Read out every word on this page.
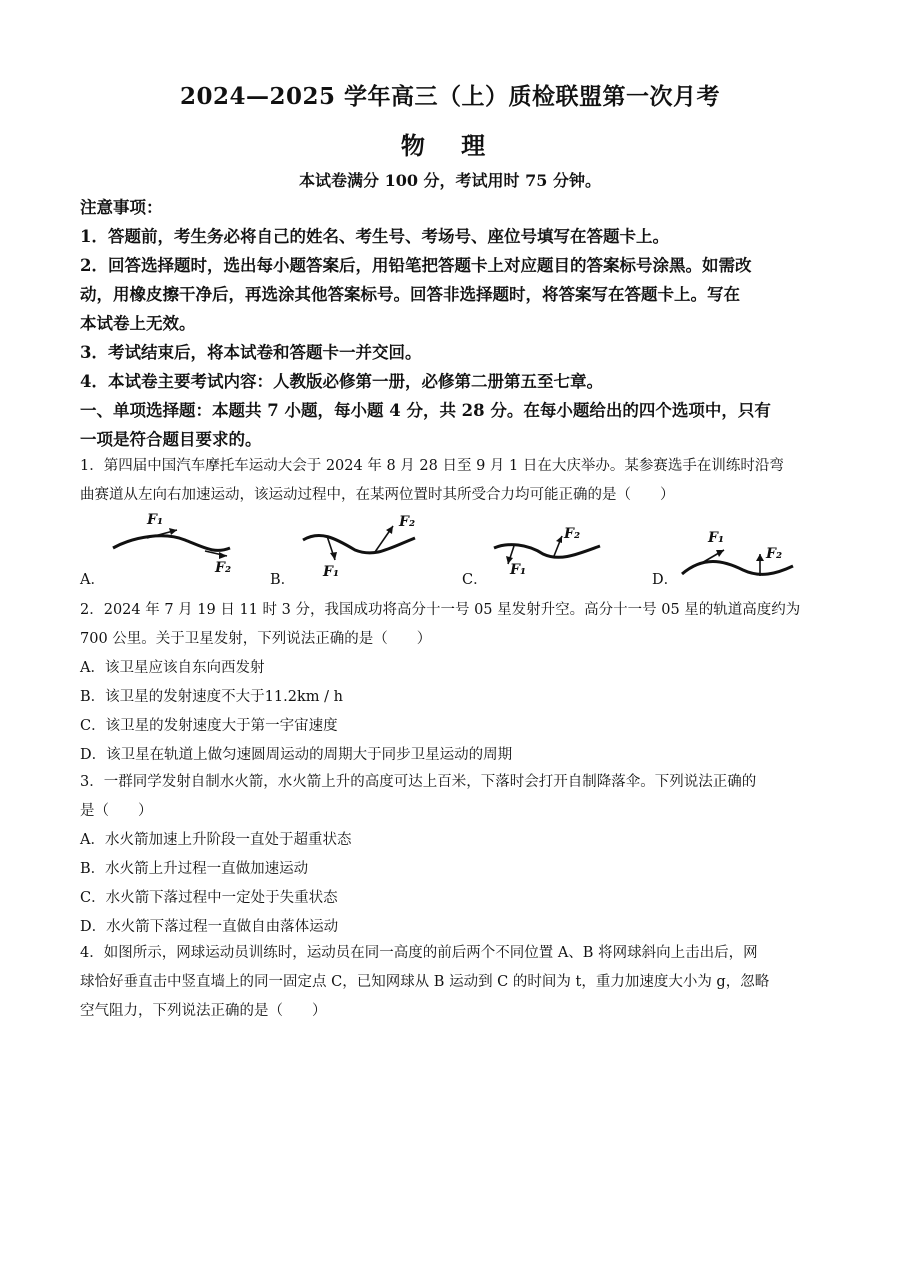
2024—2025 学年高三（上）质检联盟第一次月考
物 理
本试卷满分 100 分，考试用时 75 分钟。
注意事项：
1．答题前，考生务必将自己的姓名、考生号、考场号、座位号填写在答题卡上。
2．回答选择题时，选出每小题答案后，用铅笔把答题卡上对应题目的答案标号涂黑。如需改
动，用橡皮擦干净后，再选涂其他答案标号。回答非选择题时，将答案写在答题卡上。写在
本试卷上无效。
3．考试结束后，将本试卷和答题卡一并交回。
4．本试卷主要考试内容：人教版必修第一册，必修第二册第五至七章。
一、单项选择题：本题共 7 小题，每小题 4 分，共 28 分。在每小题给出的四个选项中，只有
一项是符合题目要求的。
1．第四届中国汽车摩托车运动大会于 2024 年 8 月 28 日至 9 月 1 日在大庆举办。某参赛选手在训练时沿弯
曲赛道从左向右加速运动，该运动过程中，在某两位置时其所受合力均可能正确的是（　　）
A．
F₁
F₂
B． F₁
F₂
C．
F₁
F₂
D．
F₁
F₂
2．2024 年 7 月 19 日 11 时 3 分，我国成功将高分十一号 05 星发射升空。高分十一号 05 星的轨道高度约为
700 公里。关于卫星发射，下列说法正确的是（　　）
A．该卫星应该自东向西发射
B．该卫星的发射速度不大于11.2km / h
C．该卫星的发射速度大于第一宇宙速度
D．该卫星在轨道上做匀速圆周运动的周期大于同步卫星运动的周期
3．一群同学发射自制水火箭，水火箭上升的高度可达上百米，下落时会打开自制降落伞。下列说法正确的
是（　　）
A．水火箭加速上升阶段一直处于超重状态
B．水火箭上升过程一直做加速运动
C．水火箭下落过程中一定处于失重状态
D．水火箭下落过程一直做自由落体运动
4．如图所示，网球运动员训练时，运动员在同一高度的前后两个不同位置 A、B 将网球斜向上击出后，网
球恰好垂直击中竖直墙上的同一固定点 C，已知网球从 B 运动到 C 的时间为 t，重力加速度大小为 g，忽略
空气阻力，下列说法正确的是（　　）
